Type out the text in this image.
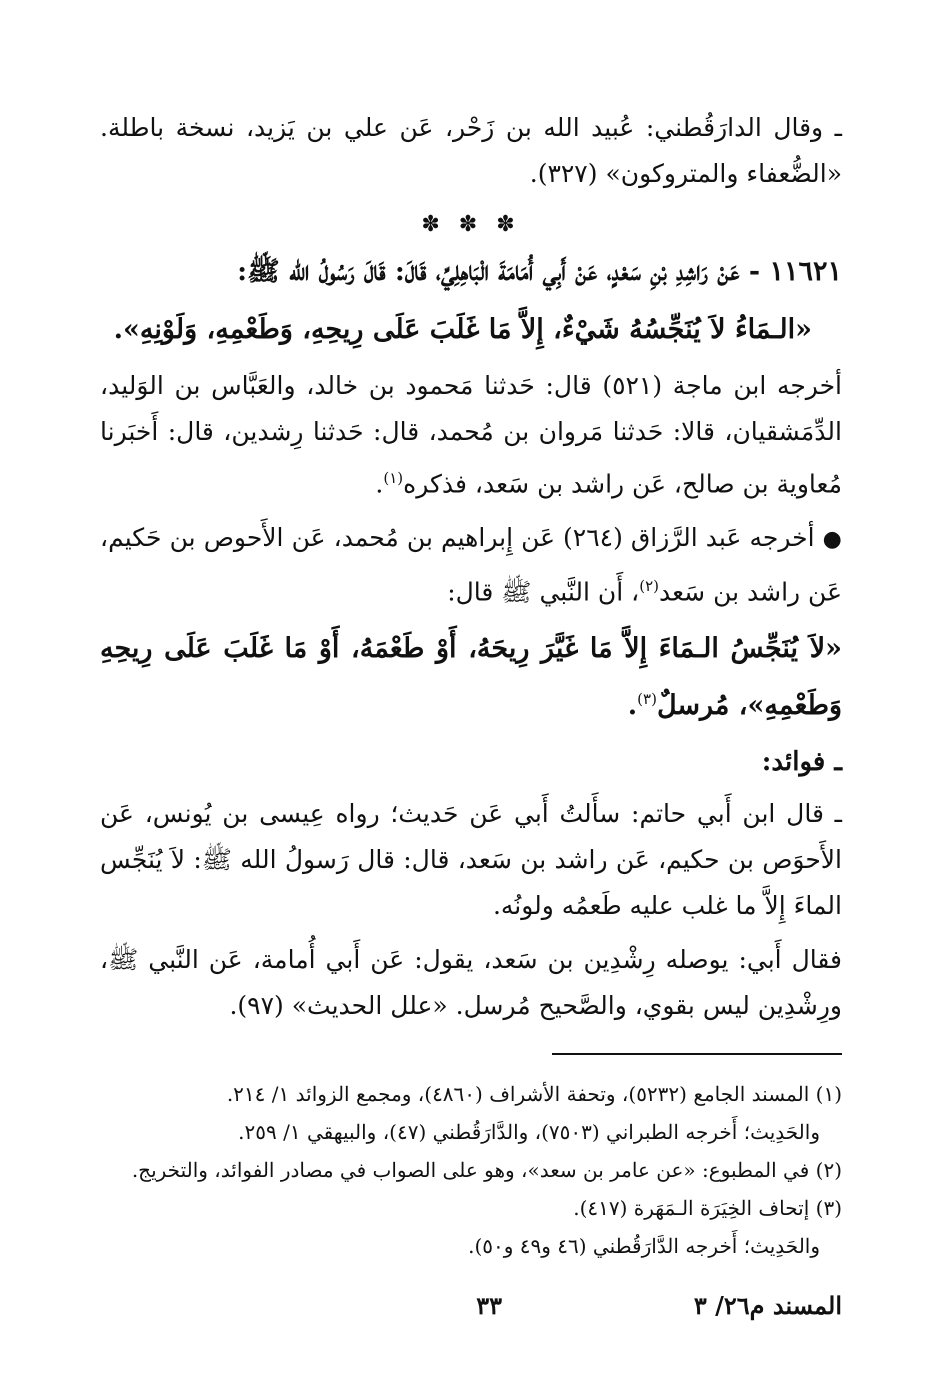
ـ وقال الدارَقُطني: عُبيد الله بن زَحْر، عَن علي بن يَزيد، نسخة باطلة. «الضُّعفاء والمتروكون» (٣٢٧).

✽ ✽ ✽

١١٦٢١ - عَنْ رَاشِدِ بْنِ سَعْدٍ، عَنْ أَبِي أُمَامَةَ الْبَاهِلِيِّ، قَالَ: قَالَ رَسُولُ الله ﷺ:

«الـمَاءُ لاَ يُنَجِّسُهُ شَيْءٌ، إِلاَّ مَا غَلَبَ عَلَى رِيحِهِ، وَطَعْمِهِ، وَلَوْنِهِ».

أخرجه ابن ماجة (٥٢١) قال: حَدثنا مَحمود بن خالد، والعَبَّاس بن الوَليد، الدِّمَشقيان، قالا: حَدثنا مَروان بن مُحمد، قال: حَدثنا رِشدين، قال: أَخبَرنا مُعاوية بن صالح، عَن راشد بن سَعد، فذكره$^{(١)}$.

● أخرجه عَبد الرَّزاق (٢٦٤) عَن إِبراهيم بن مُحمد، عَن الأَحوص بن حَكيم، عَن راشد بن سَعد$^{(٢)}$، أَن النَّبي ﷺ قال:

«لاَ يُنَجِّسُ الـمَاءَ إِلاَّ مَا غَيَّرَ رِيحَهُ، أَوْ طَعْمَهُ، أَوْ مَا غَلَبَ عَلَى رِيحِهِ وَطَعْمِهِ»، مُرسلٌ$^{(٣)}$.

ـ فوائد:

ـ قال ابن أَبي حاتم: سأَلتُ أَبي عَن حَديث؛ رواه عِيسى بن يُونس، عَن الأَحوَص بن حكيم، عَن راشد بن سَعد، قال: قال رَسولُ الله ﷺ: لاَ يُنَجِّس الماءَ إِلاَّ ما غلب عليه طَعمُه ولونُه.

فقال أَبي: يوصله رِشْدِين بن سَعد، يقول: عَن أَبي أُمامة، عَن النَّبي ﷺ، ورِشْدِين ليس بقوي، والصَّحيح مُرسل. «علل الحديث» (٩٧).

(١) المسند الجامع (٥٢٣٢)، وتحفة الأشراف (٤٨٦٠)، ومجمع الزوائد ١/ ٢١٤.

والحَدِيث؛ أَخرجه الطبراني (٧٥٠٣)، والدَّارَقُطني (٤٧)، والبيهقي ١/ ٢٥٩.

(٢) في المطبوع: «عن عامر بن سعد»، وهو على الصواب في مصادر الفوائد، والتخريج.

(٣) إتحاف الخِيَرَة الـمَهَرة (٤١٧).

والحَدِيث؛ أَخرجه الدَّارَقُطني (٤٦ و٤٩ و٥٠).

المسند م٢٦/ ٣
٣٣
